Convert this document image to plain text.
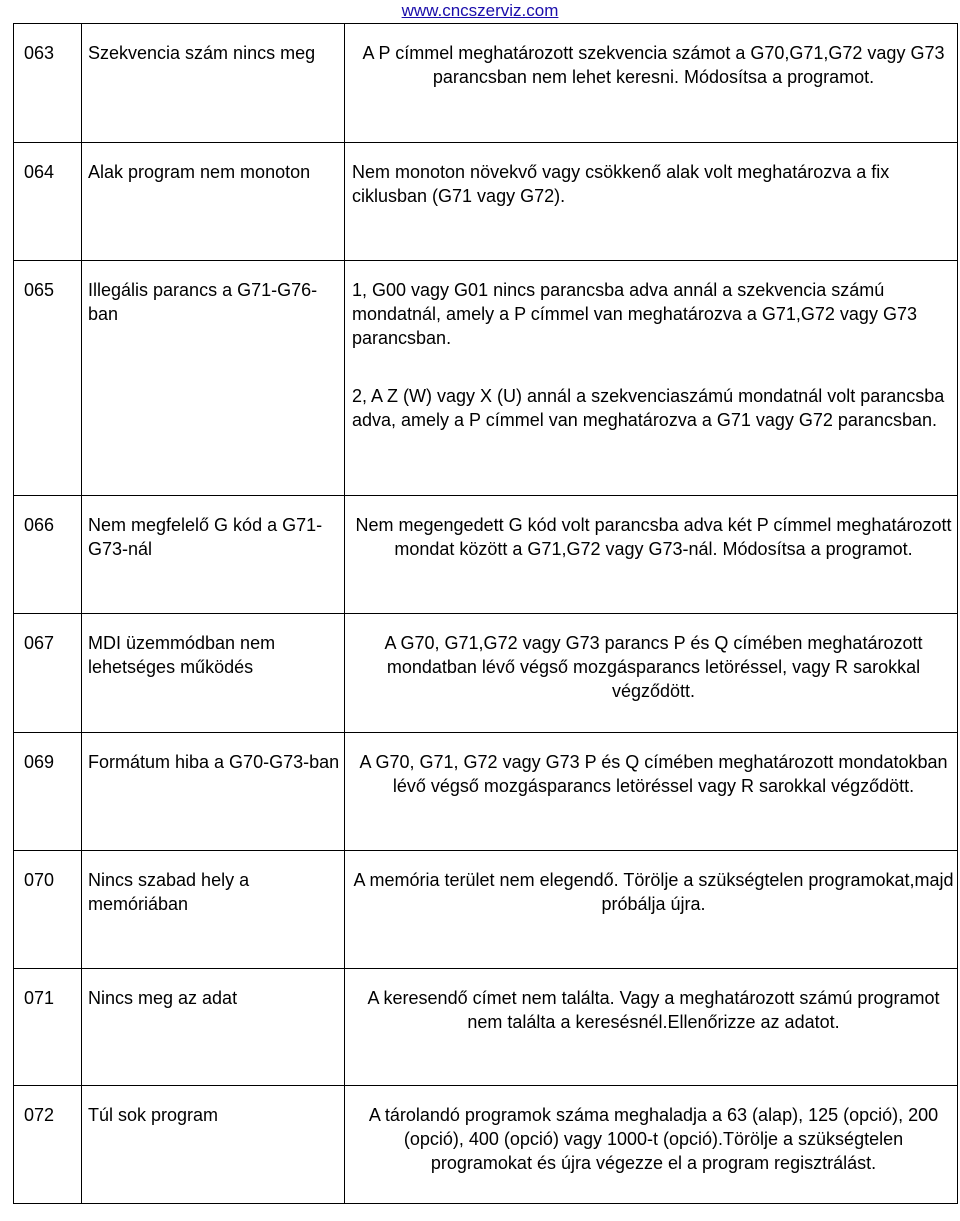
www.cncszerviz.com
063	Szekvencia szám nincs meg	A P címmel meghatározott szekvencia számot a G70,G71,G72 vagy G73 parancsban nem lehet keresni. Módosítsa a programot.

064	Alak program nem monoton	Nem monoton növekvő vagy csökkenő alak volt meghatározva a fix ciklusban (G71 vagy G72).

065	Illegális parancs a G71-G76-ban	1, G00 vagy G01 nincs parancsba adva annál a szekvencia számú mondatnál, amely a P címmel van meghatározva a G71,G72 vagy G73 parancsban.

2, A Z (W) vagy X (U) annál a szekvenciaszámú mondatnál volt parancsba adva, amely a P címmel van meghatározva a G71 vagy G72 parancsban.

066	Nem megfelelő G kód a G71-G73-nál	Nem megengedett G kód volt parancsba adva két P címmel meghatározott mondat között a G71,G72 vagy G73-nál. Módosítsa a programot.

067	MDI üzemmódban nem lehetséges működés	A G70, G71,G72 vagy G73 parancs P és Q címében meghatározott mondatban lévő végső mozgásparancs letöréssel, vagy R sarokkal végződött.

069	Formátum hiba a G70-G73-ban	A G70, G71, G72 vagy G73 P és Q címében meghatározott mondatokban lévő végső mozgásparancs letöréssel vagy R sarokkal végződött.

070	Nincs szabad hely a memóriában	A memória terület nem elegendő. Törölje a szükségtelen programokat,majd próbálja újra.

071	Nincs meg az adat	A keresendő címet nem találta. Vagy a meghatározott számú programot nem találta a keresésnél.Ellenőrizze az adatot.

072	Túl sok program	A tárolandó programok száma meghaladja a 63 (alap), 125 (opció), 200 (opció), 400 (opció) vagy 1000-t (opció).Törölje a szükségtelen programokat és újra végezze el a program regisztrálást.
